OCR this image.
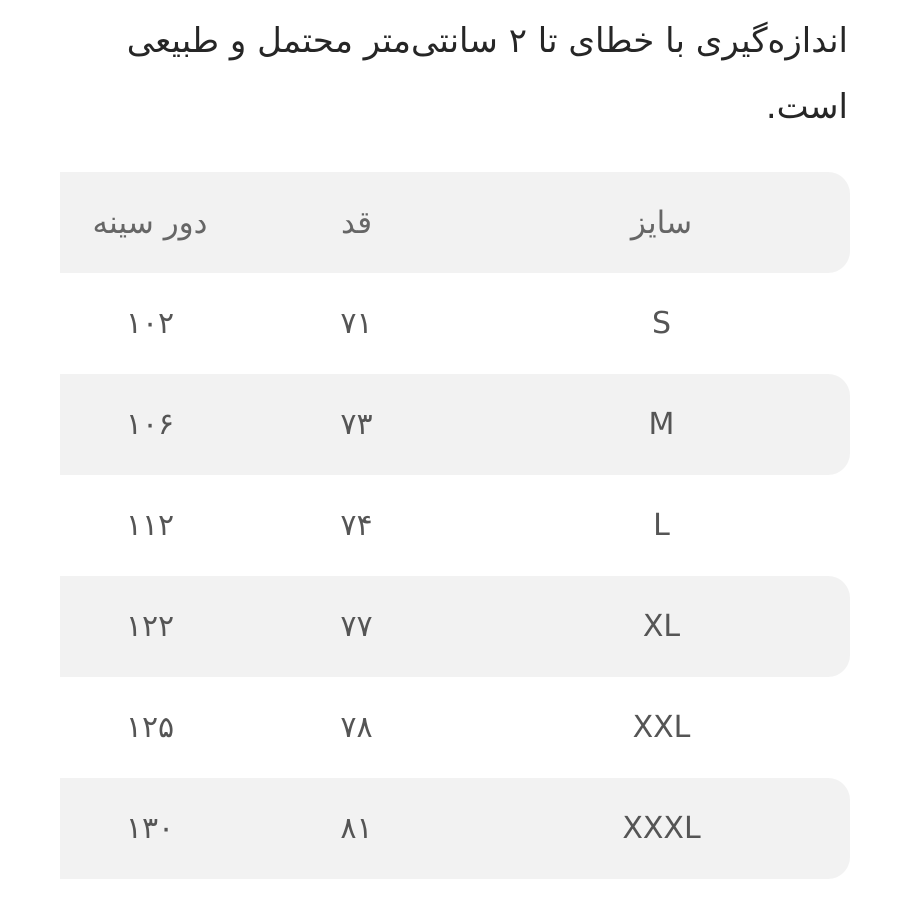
اندازه‌گیری با خطای تا ۲ سانتی‌متر محتمل و طبیعی است.

سایز	قد	دور سینه
S	۷۱	۱۰۲
M	۷۳	۱۰۶
L	۷۴	۱۱۲
XL	۷۷	۱۲۲
XXL	۷۸	۱۲۵
XXXL	۸۱	۱۳۰
